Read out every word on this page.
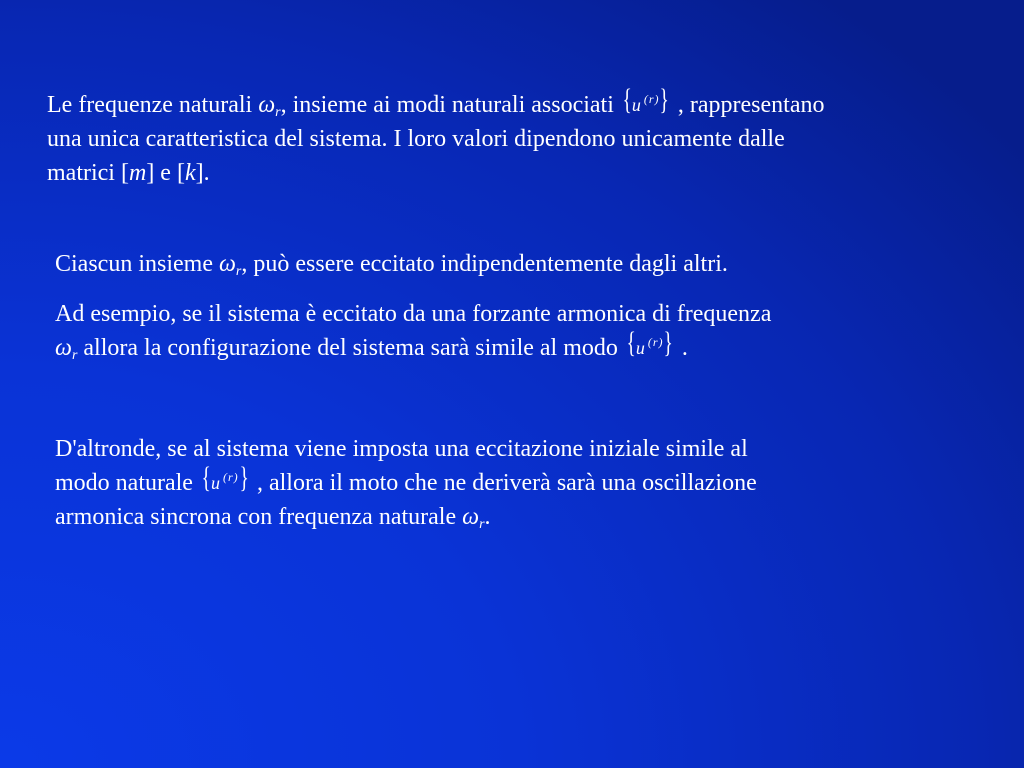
Le frequenze naturali $\omega_r$, insieme ai modi naturali associati { u (r) } , rappresentano
una unica caratteristica del sistema. I loro valori dipendono unicamente dalle
matrici [m] e [k].
Ciascun insieme $\omega_r$, può essere eccitato indipendentemente dagli altri.
Ad esempio, se il sistema è eccitato da una forzante armonica di frequenza
$\omega_r$ allora la configurazione del sistema sarà simile al modo { u (r) } .
D'altronde, se al sistema viene imposta una eccitazione iniziale simile al
modo naturale { u (r) } , allora il moto che ne deriverà sarà una oscillazione
armonica sincrona con frequenza naturale $\omega_r$.
